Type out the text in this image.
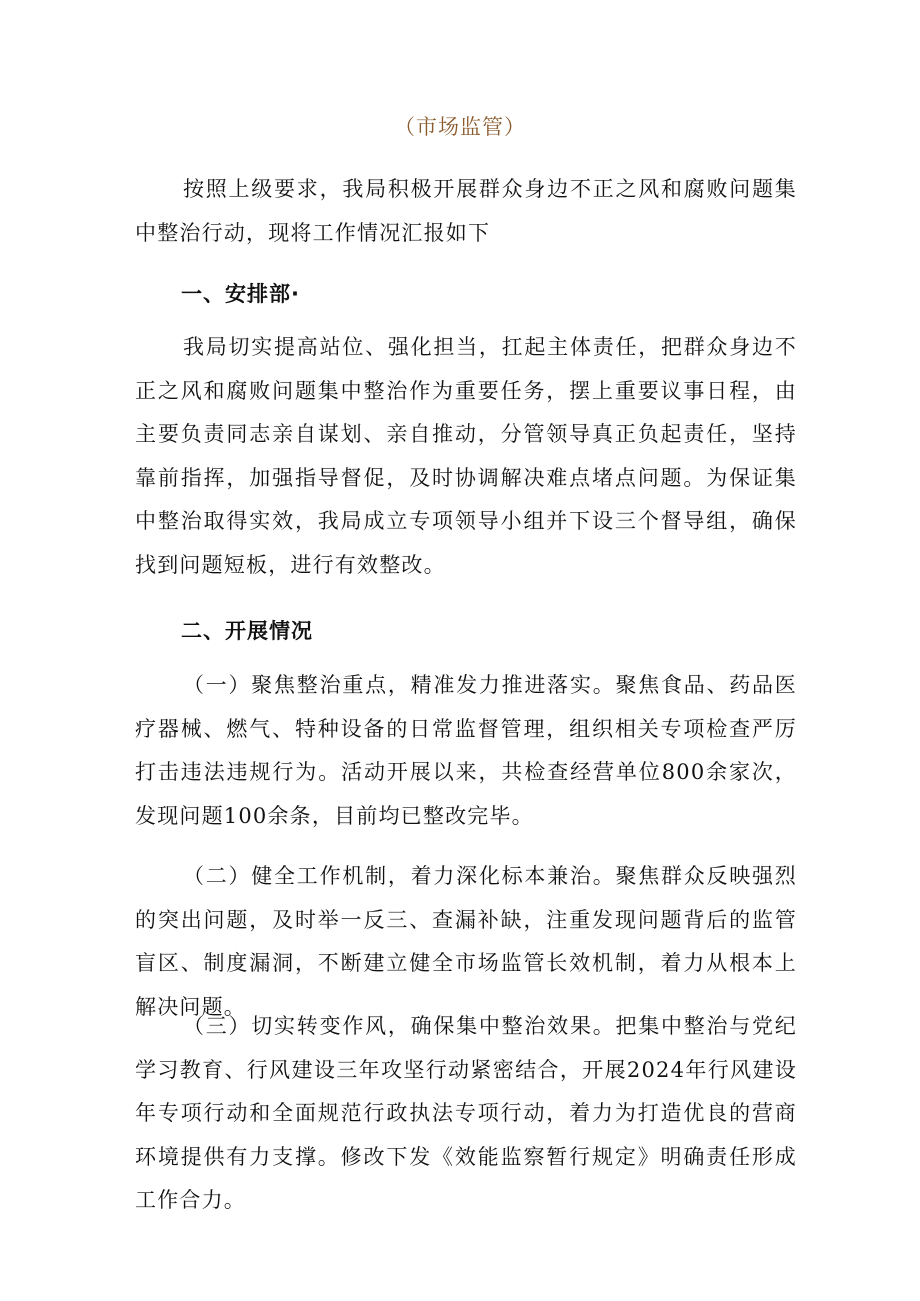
（市场监管）

按照上级要求，我局积极开展群众身边不正之风和腐败问题集中整治行动，现将工作情况汇报如下

一、安排部·

我局切实提高站位、强化担当，扛起主体责任，把群众身边不正之风和腐败问题集中整治作为重要任务，摆上重要议事日程，由主要负责同志亲自谋划、亲自推动，分管领导真正负起责任，坚持靠前指挥，加强指导督促，及时协调解决难点堵点问题。为保证集中整治取得实效，我局成立专项领导小组并下设三个督导组，确保找到问题短板，进行有效整改。

二、开展情况

（一）聚焦整治重点，精准发力推进落实。聚焦食品、药品医疗器械、燃气、特种设备的日常监督管理，组织相关专项检查严厉打击违法违规行为。活动开展以来，共检查经营单位800余家次，发现问题100余条，目前均已整改完毕。

（二）健全工作机制，着力深化标本兼治。聚焦群众反映强烈的突出问题，及时举一反三、查漏补缺，注重发现问题背后的监管盲区、制度漏洞，不断建立健全市场监管长效机制，着力从根本上解决问题。

（三）切实转变作风，确保集中整治效果。把集中整治与党纪学习教育、行风建设三年攻坚行动紧密结合，开展2024年行风建设年专项行动和全面规范行政执法专项行动，着力为打造优良的营商环境提供有力支撑。修改下发《效能监察暂行规定》明确责任形成工作合力。
